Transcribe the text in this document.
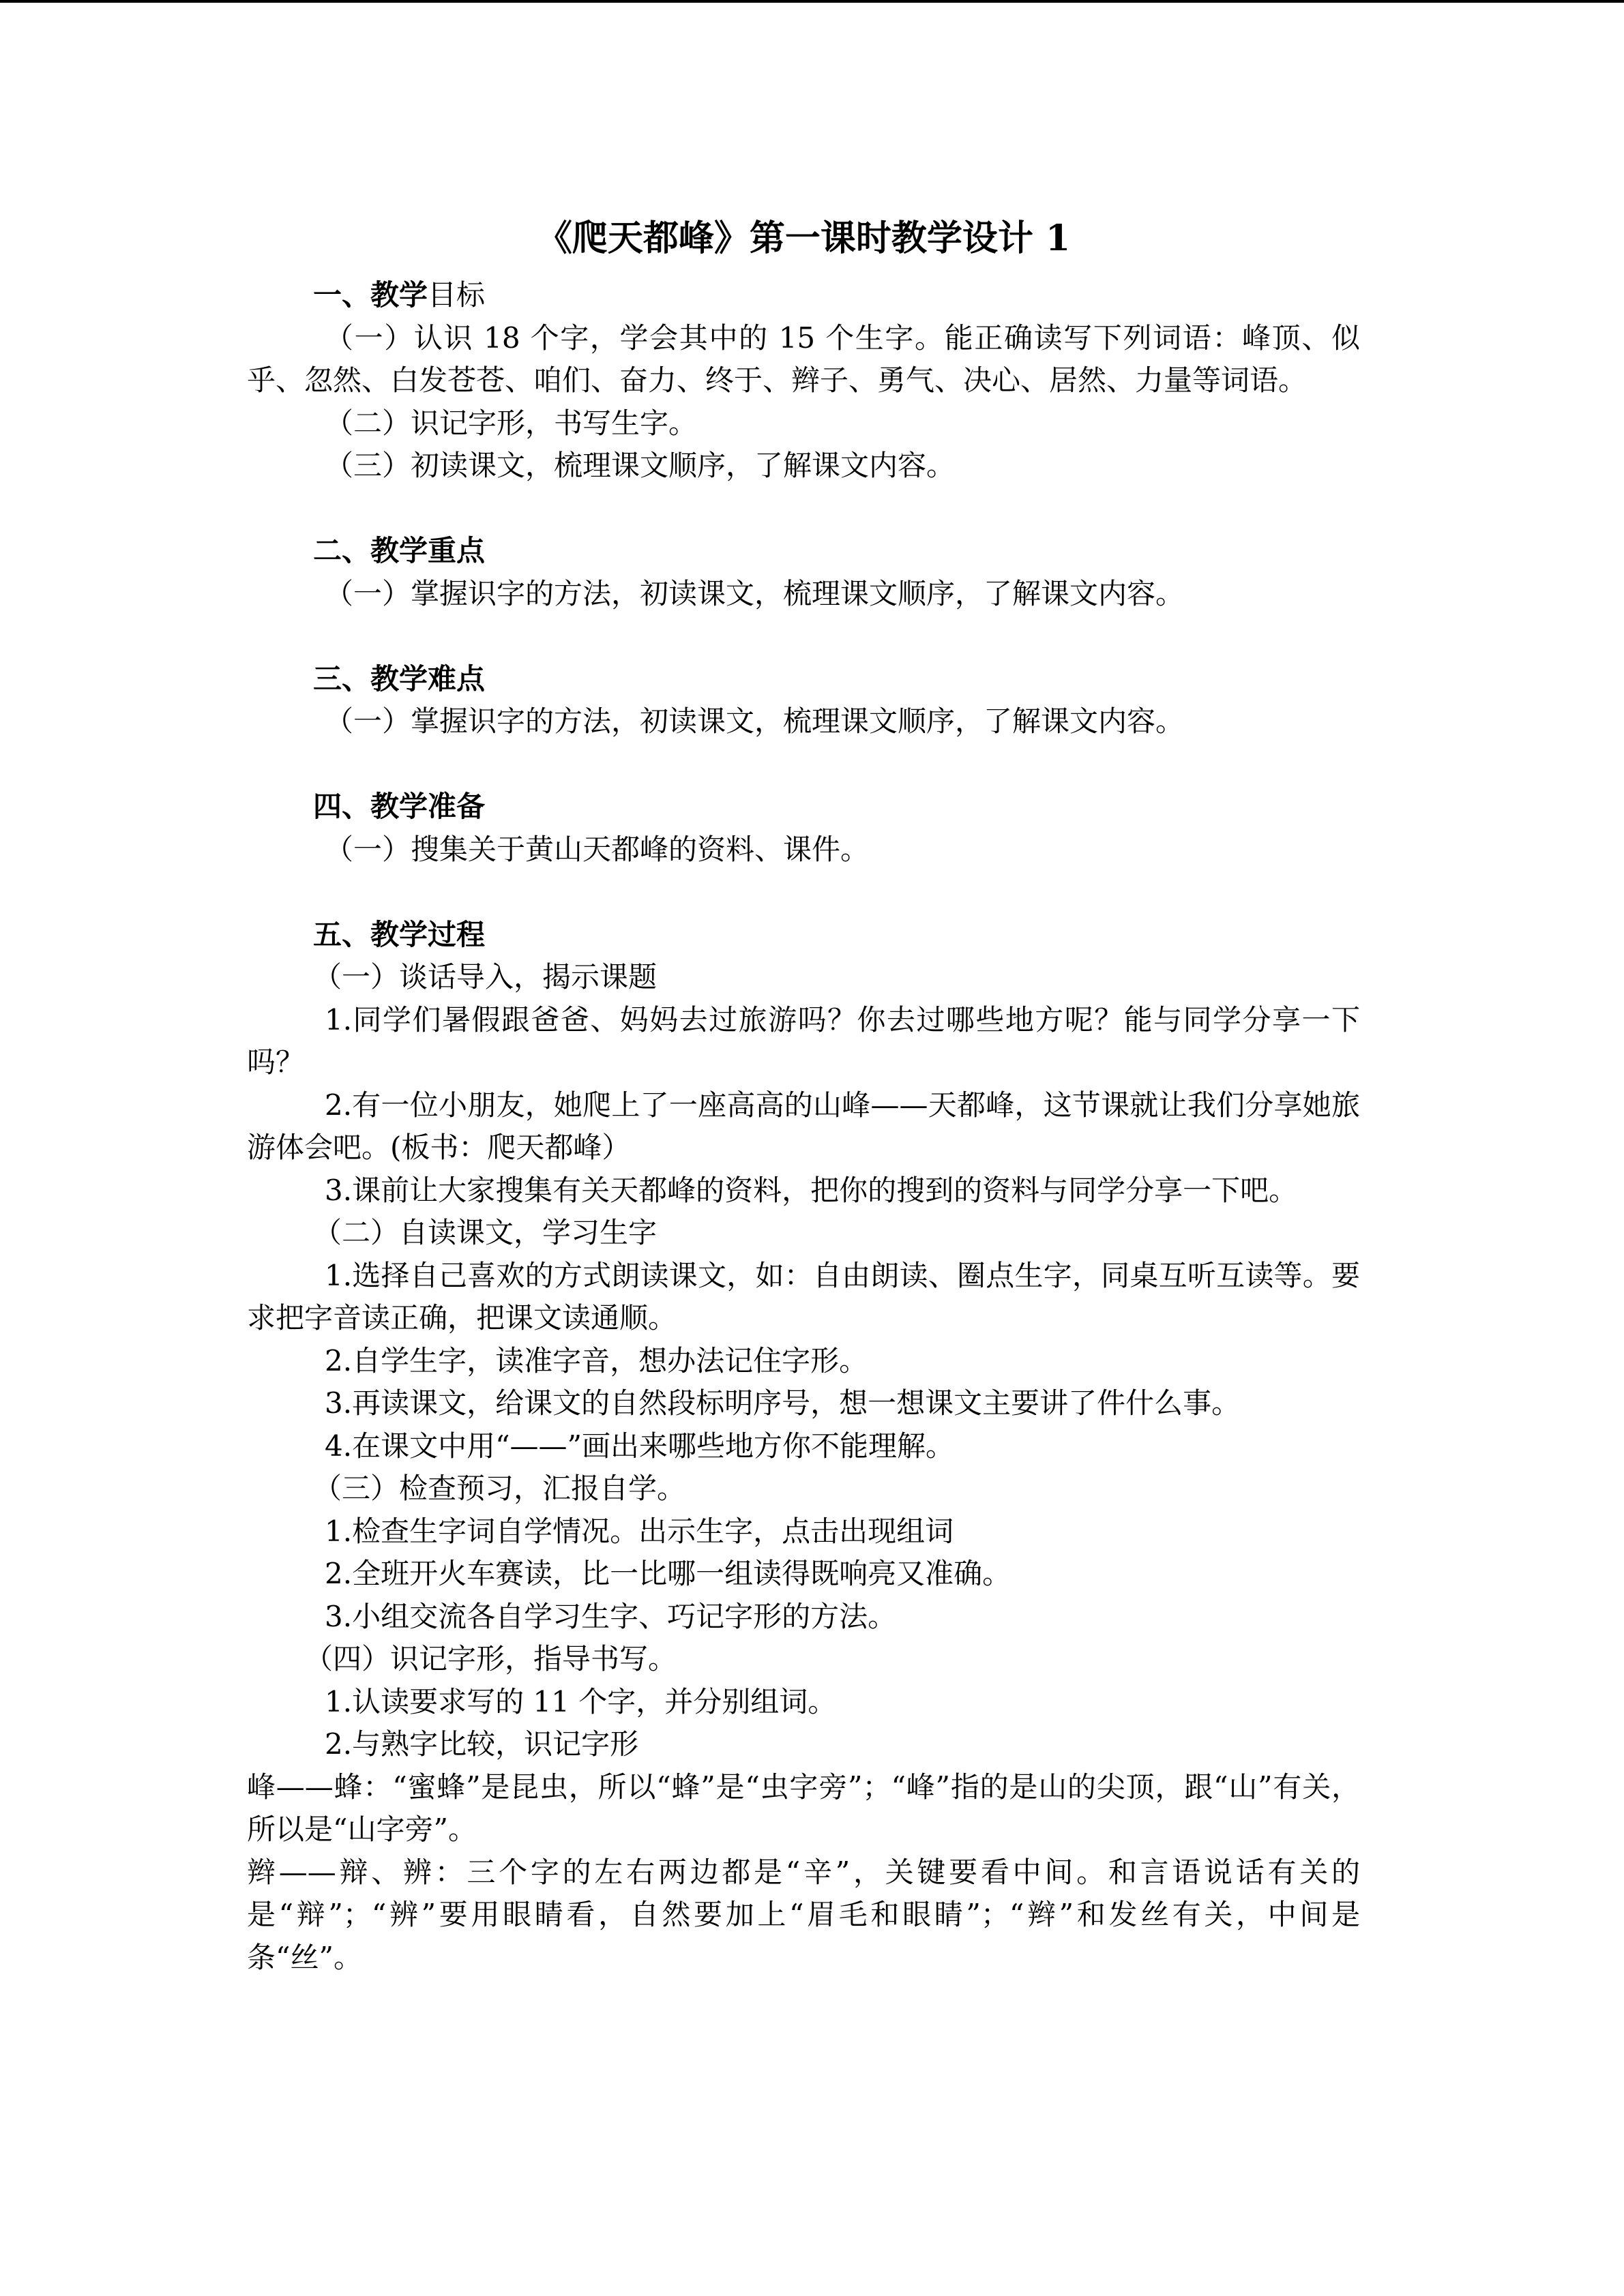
《爬天都峰》第一课时教学设计 1
一、教学目标
（一）认识 18 个字，学会其中的 15 个生字。能正确读写下列词语：峰顶、似乎、忽然、白发苍苍、咱们、奋力、终于、辫子、勇气、决心、居然、力量等词语。
（二）识记字形，书写生字。
（三）初读课文，梳理课文顺序，了解课文内容。
二、教学重点
（一）掌握识字的方法，初读课文，梳理课文顺序，了解课文内容。
三、教学难点
（一）掌握识字的方法，初读课文，梳理课文顺序，了解课文内容。
四、教学准备
（一）搜集关于黄山天都峰的资料、课件。
五、教学过程
（一）谈话导入，揭示课题
1.同学们暑假跟爸爸、妈妈去过旅游吗？你去过哪些地方呢？能与同学分享一下吗？
2.有一位小朋友，她爬上了一座高高的山峰——天都峰，这节课就让我们分享她旅游体会吧。(板书：爬天都峰）
3.课前让大家搜集有关天都峰的资料，把你的搜到的资料与同学分享一下吧。
（二）自读课文，学习生字
1.选择自己喜欢的方式朗读课文，如：自由朗读、圈点生字，同桌互听互读等。要求把字音读正确，把课文读通顺。
2.自学生字，读准字音，想办法记住字形。
3.再读课文，给课文的自然段标明序号，想一想课文主要讲了件什么事。
4.在课文中用“——”画出来哪些地方你不能理解。
（三）检查预习，汇报自学。
1.检查生字词自学情况。出示生字，点击出现组词
2.全班开火车赛读，比一比哪一组读得既响亮又准确。
3.小组交流各自学习生字、巧记字形的方法。
（四）识记字形，指导书写。
1.认读要求写的 11 个字，并分别组词。
2.与熟字比较，识记字形
峰——蜂：“蜜蜂”是昆虫，所以“蜂”是“虫字旁”；“峰”指的是山的尖顶，跟“山”有关，所以是“山字旁”。
辫——辩、辨：三个字的左右两边都是“辛”，关键要看中间。和言语说话有关的是“辩”；“辨”要用眼睛看，自然要加上“眉毛和眼睛”；“辫”和发丝有关，中间是条“丝”。
